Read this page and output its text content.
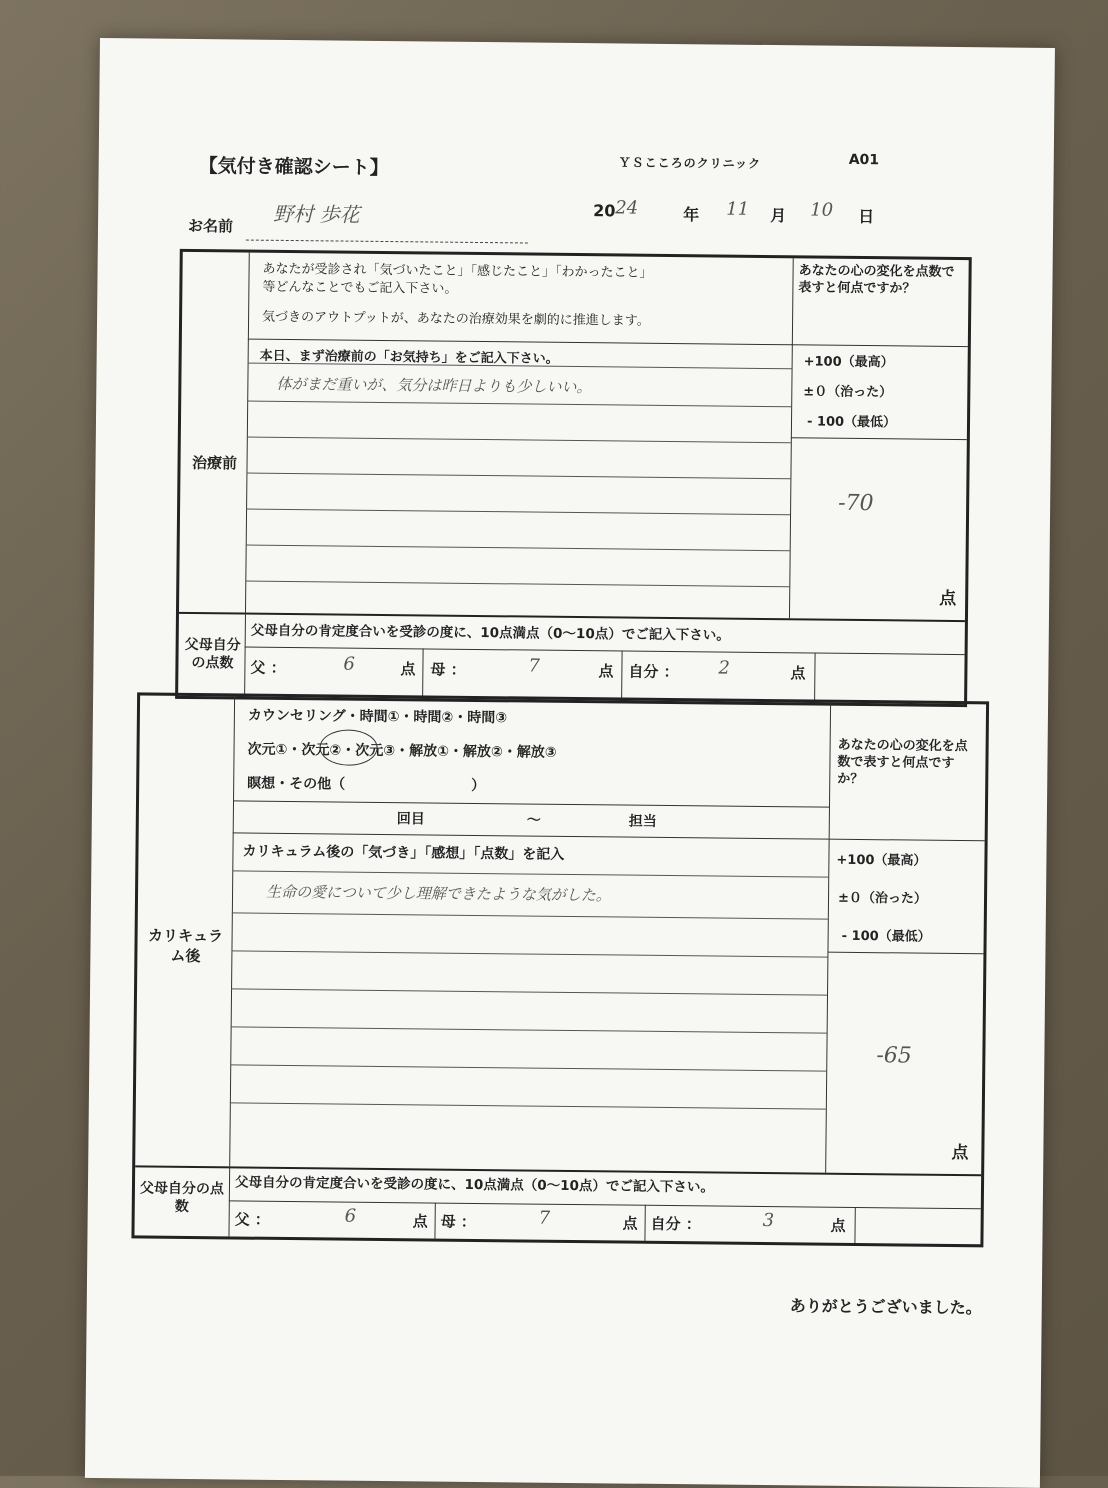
【気付き確認シート】	ＹＳこころのクリニック	A01
お名前 野村 歩花	20 24	年 11 月 10 日
治療前
あなたが受診され「気づいたこと」「感じたこと」「わかったこと」
等どんなことでもご記入下さい。
気づきのアウトプットが、あなたの治療効果を劇的に推進します。
あなたの心の変化を点数で表すと何点ですか？
本日、まず治療前の「お気持ち」をご記入下さい。
体がまだ重いが、気分は昨日よりも少しいい。
+100（最高）
±０（治った）
- 100（最低）
-70
点
父母自分の点数
父母自分の肯定度合いを受診の度に、10点満点（0〜10点）でご記入下さい。
父 ：	6	点 母 ：	7	点 自分 ： 2	点
カリキュラム後
カウンセリング・時間①・時間②・時間③
次元①・次元②・次元③・解放①・解放②・解放③
瞑想・その他（　　　　　　　　　）
回目	〜	担当
あなたの心の変化を点数で表すと何点ですか？
カリキュラム後の「気づき」「感想」「点数」を記入
生命の愛について少し理解できたような気がした。
+100（最高）
±０（治った）
- 100（最低）
-65
点
父母自分の点数
父母自分の肯定度合いを受診の度に、10点満点（0〜10点）でご記入下さい。
父 ：	6	点 母 ：	7	点 自分 ：	3	点
ありがとうございました。
